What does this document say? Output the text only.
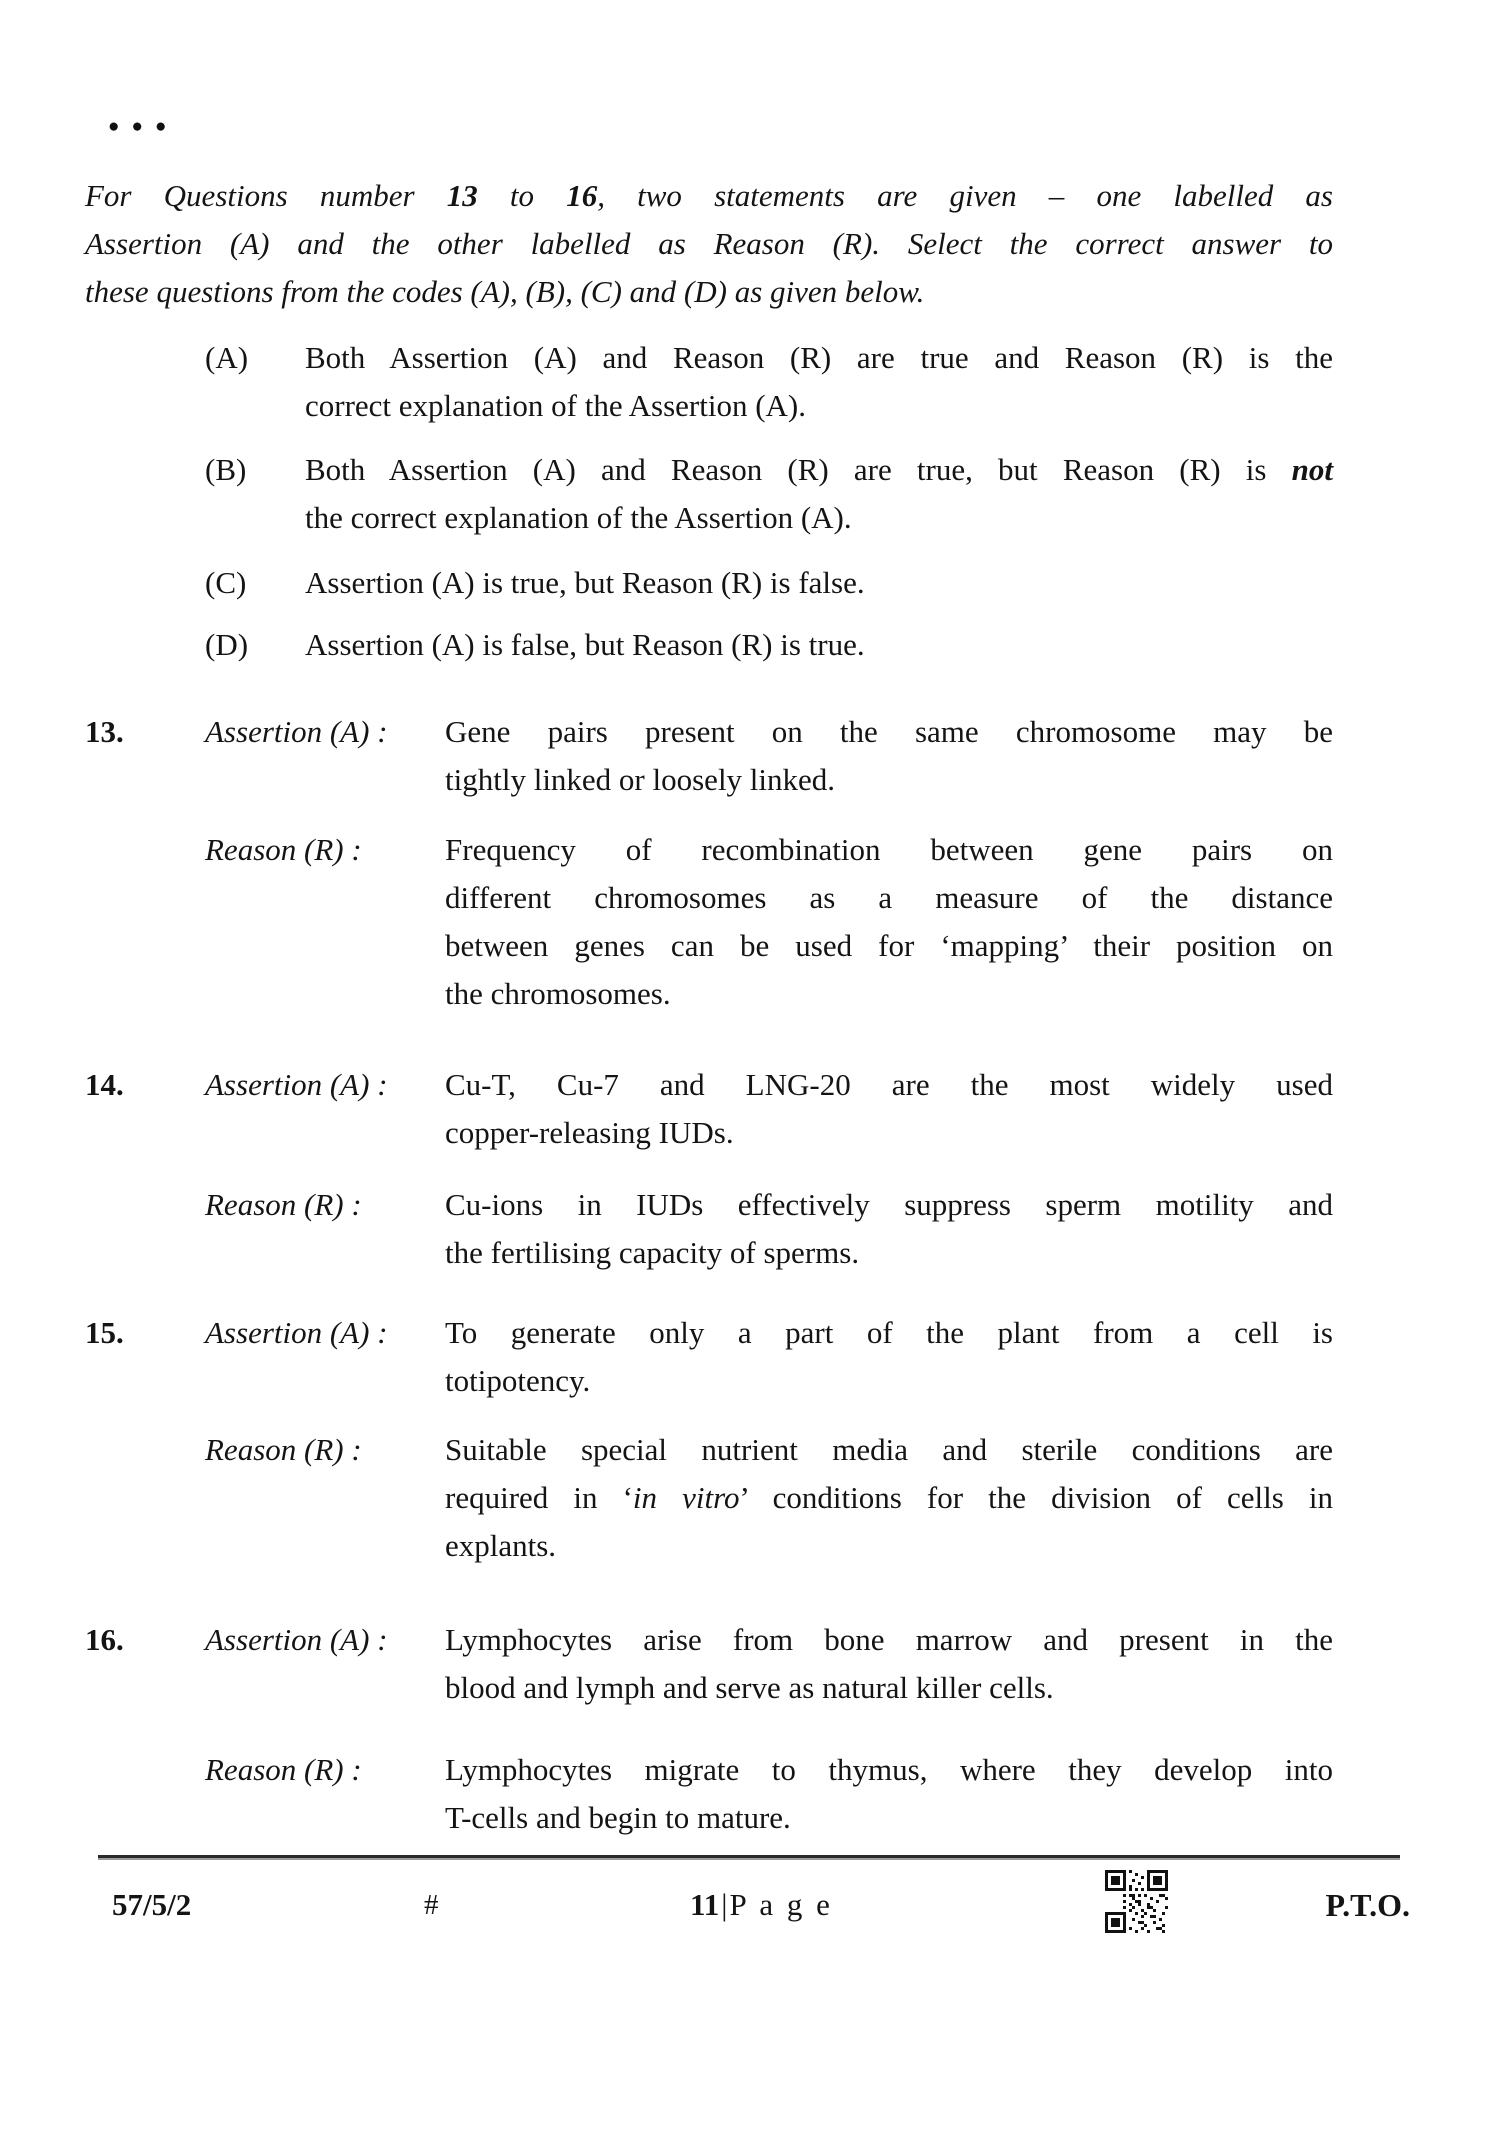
●●●
For Questions number 13 to 16, two statements are given – one labelled as
Assertion (A) and the other labelled as Reason (R). Select the correct answer to
these questions from the codes (A), (B), (C) and (D) as given below.
(A)	Both Assertion (A) and Reason (R) are true and Reason (R) is the
correct explanation of the Assertion (A).
(B)	Both Assertion (A) and Reason (R) are true, but Reason (R) is not
the correct explanation of the Assertion (A).
(C)	Assertion (A) is true, but Reason (R) is false.
(D)	Assertion (A) is false, but Reason (R) is true.
13.	Assertion (A) :	Gene pairs present on the same chromosome may be
tightly linked or loosely linked.
Reason (R) :	Frequency of recombination between gene pairs on
different chromosomes as a measure of the distance
between genes can be used for ‘mapping’ their position on
the chromosomes.
14.	Assertion (A) :	Cu-T, Cu-7 and LNG-20 are the most widely used
copper-releasing IUDs.
Reason (R) :	Cu-ions in IUDs effectively suppress sperm motility and
the fertilising capacity of sperms.
15.	Assertion (A) :	To generate only a part of the plant from a cell is
totipotency.
Reason (R) :	Suitable special nutrient media and sterile conditions are
required in ‘in vitro’ conditions for the division of cells in
explants.
16.	Assertion (A) :	Lymphocytes arise from bone marrow and present in the
blood and lymph and serve as natural killer cells.
Reason (R) :	Lymphocytes migrate to thymus, where they develop into
T-cells and begin to mature.
57/5/2	#	11|P a g e	P.T.O.
